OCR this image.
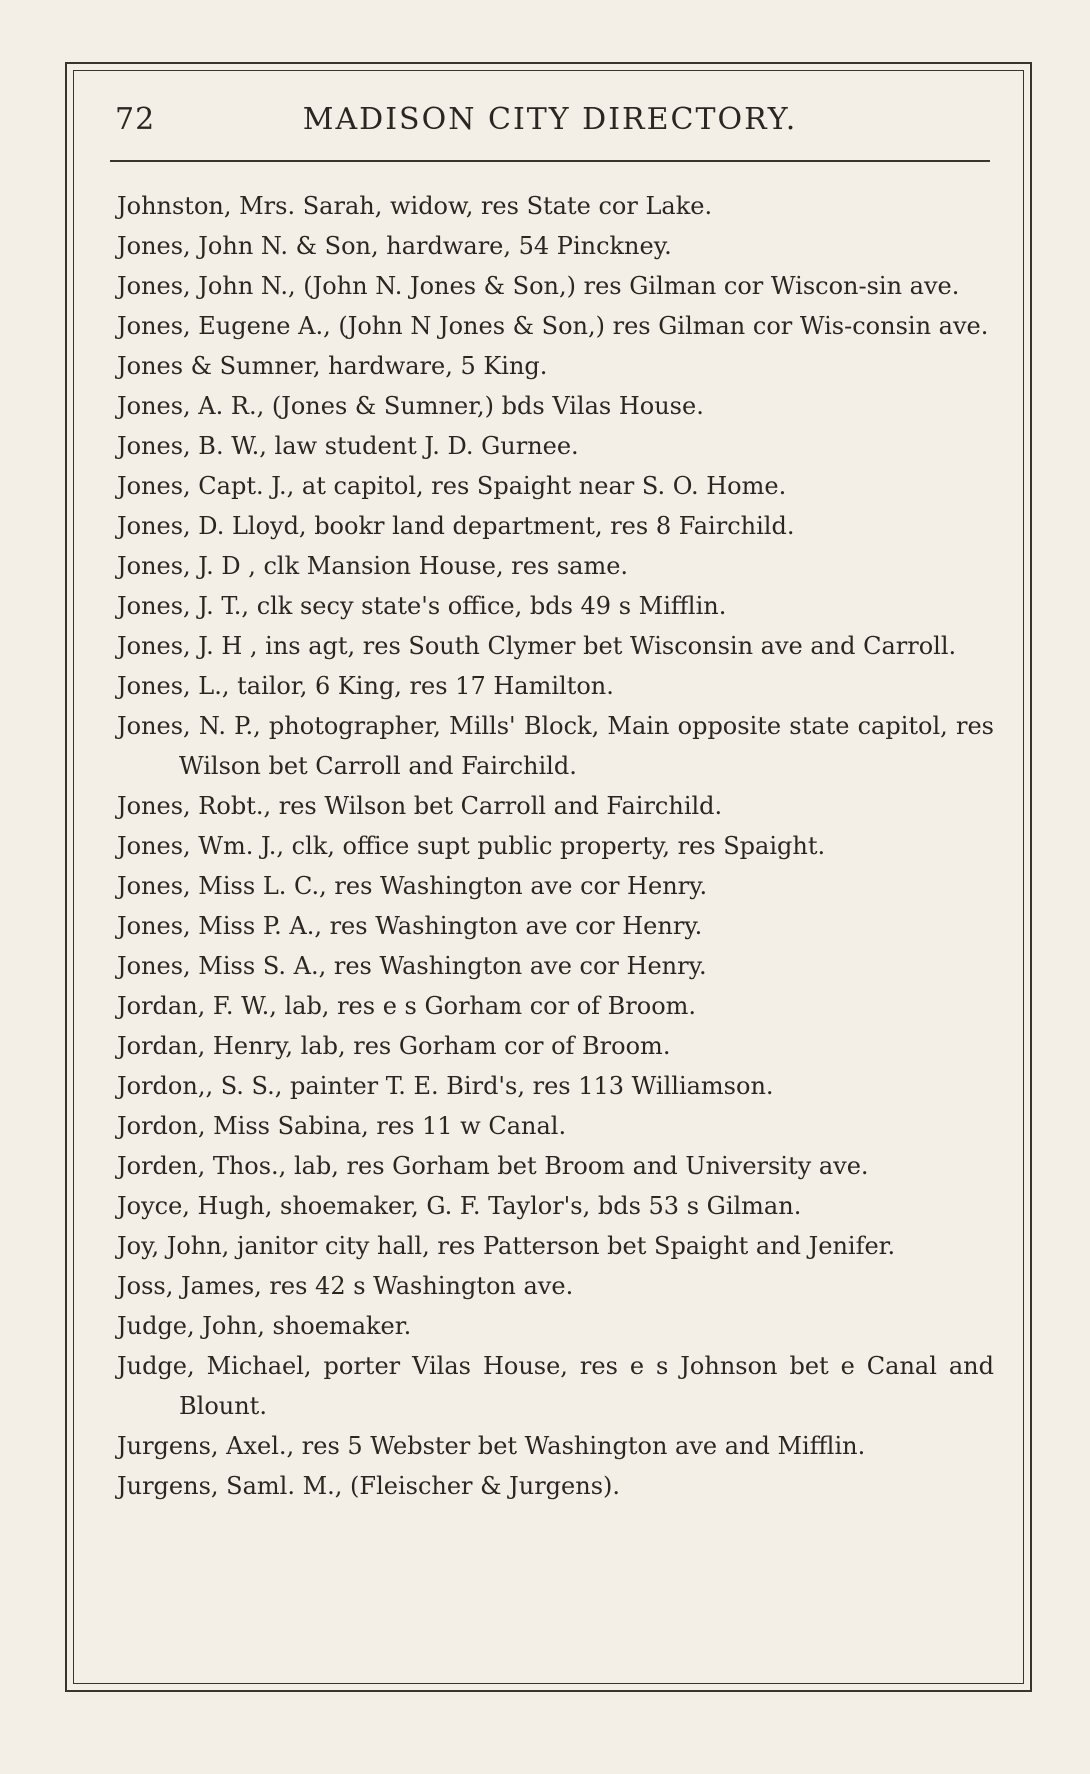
72	MADISON CITY DIRECTORY.
Johnston, Mrs. Sarah, widow, res State cor Lake.
Jones, John N. & Son, hardware, 54 Pinckney.
Jones, John N., (John N. Jones & Son,) res Gilman cor Wiscon-sin ave.
Jones, Eugene A., (John N Jones & Son,) res Gilman cor Wis-consin ave.
Jones & Sumner, hardware, 5 King.
Jones, A. R., (Jones & Sumner,) bds Vilas House.
Jones, B. W., law student J. D. Gurnee.
Jones, Capt. J., at capitol, res Spaight near S. O. Home.
Jones, D. Lloyd, bookr land department, res 8 Fairchild.
Jones, J. D , clk Mansion House, res same.
Jones, J. T., clk secy state's office, bds 49 s Mifflin.
Jones, J. H , ins agt, res South Clymer bet Wisconsin ave and Carroll.
Jones, L., tailor, 6 King, res 17 Hamilton.
Jones, N. P., photographer, Mills' Block, Main opposite state capitol, res Wilson bet Carroll and Fairchild.
Jones, Robt., res Wilson bet Carroll and Fairchild.
Jones, Wm. J., clk, office supt public property, res Spaight.
Jones, Miss L. C., res Washington ave cor Henry.
Jones, Miss P. A., res Washington ave cor Henry.
Jones, Miss S. A., res Washington ave cor Henry.
Jordan, F. W., lab, res e s Gorham cor of Broom.
Jordan, Henry, lab, res Gorham cor of Broom.
Jordon,, S. S., painter T. E. Bird's, res 113 Williamson.
Jordon, Miss Sabina, res 11 w Canal.
Jorden, Thos., lab, res Gorham bet Broom and University ave.
Joyce, Hugh, shoemaker, G. F. Taylor's, bds 53 s Gilman.
Joy, John, janitor city hall, res Patterson bet Spaight and Jenifer.
Joss, James, res 42 s Washington ave.
Judge, John, shoemaker.
Judge, Michael, porter Vilas House, res e s Johnson bet e Canal and Blount.
Jurgens, Axel., res 5 Webster bet Washington ave and Mifflin.
Jurgens, Saml. M., (Fleischer & Jurgens).
